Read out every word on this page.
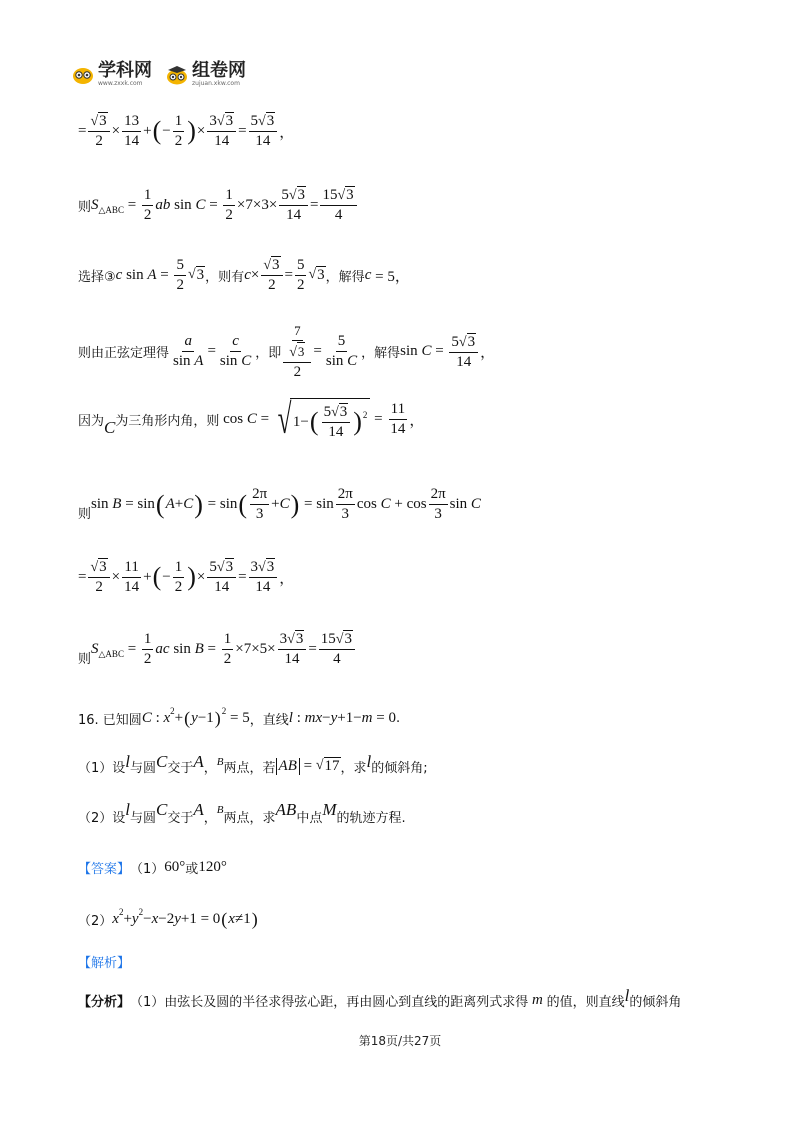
学科网
www.zxxk.com
组卷网
zujuan.xkw.com
= $\frac{√3}{2} \times \frac{13}{14}$ + ( − $\frac{1}{2}$ ) × $\frac{3√3}{14} = \frac{5√3}{14}$ ，
则 S △ABC = $\frac{1}{2}$ ab $\sin C = \frac{1}{2} \times 7\times 3\times \frac{5√3}{14} = \frac{15√3}{4}$
选择③ c $\sin A = \frac{5}{2}$ √ 3 ，则有 $c \times \frac{√3}{2} = \frac{5}{2}$ √ 3 ，解得 c = 5，
则由正弦定理得 $\frac{a}{\text{sin A}} = \frac{c}{\text{sin C}}$ ，即 $\frac{\frac{7}{√3}}{2} = \frac{5}{\text{sin C}}$ ，解得 $\sin C = \frac{5√3}{14}$ ，
因为 C 为三角形内角，则 cos C = √ 1− ( $\frac{5√3}{14}$ ) $2 = \frac{11}{14}$ ，
则
sin B = sin ( A + C ) = sin ( $\frac{2\pi}{3} + C$ ) = $\sin \frac{2\pi}{3}$ $\cos C + \cos \frac{2\pi}{3}$ sin C
= $\frac{√3}{2} \times \frac{11}{14}$ + ( − $\frac{1}{2}$ ) × $\frac{5√3}{14} = \frac{3√3}{14}$ ，
则
S △ABC = $\frac{1}{2}$ ac $\sin B = \frac{1}{2} \times 7\times 5\times \frac{3√3}{14} = \frac{15√3}{4}$
16. 已知圆 C : x 2 + ( y −1 ) 2 = 5 ，直线 l : mx − y +1− m = 0 .
（1）设 l 与圆 C 交于 A ， B 两点，若 AB = √ 17 ，求 l 的倾斜角;
（2）设 l 与圆 C 交于 A ，
B
两点，求 AB 中点 M 的轨迹方程.
【答案】 （1） 60° 或 120°
（2） x 2 + y 2 − x −2 y +1 = 0 ( x ≠1 )
【解析】
【分析】 （1）由弦长及圆的半径求得弦心距，再由圆心到直线的距离列式求得 m 的值，则直线 l 的倾斜角
第18页/共27页
